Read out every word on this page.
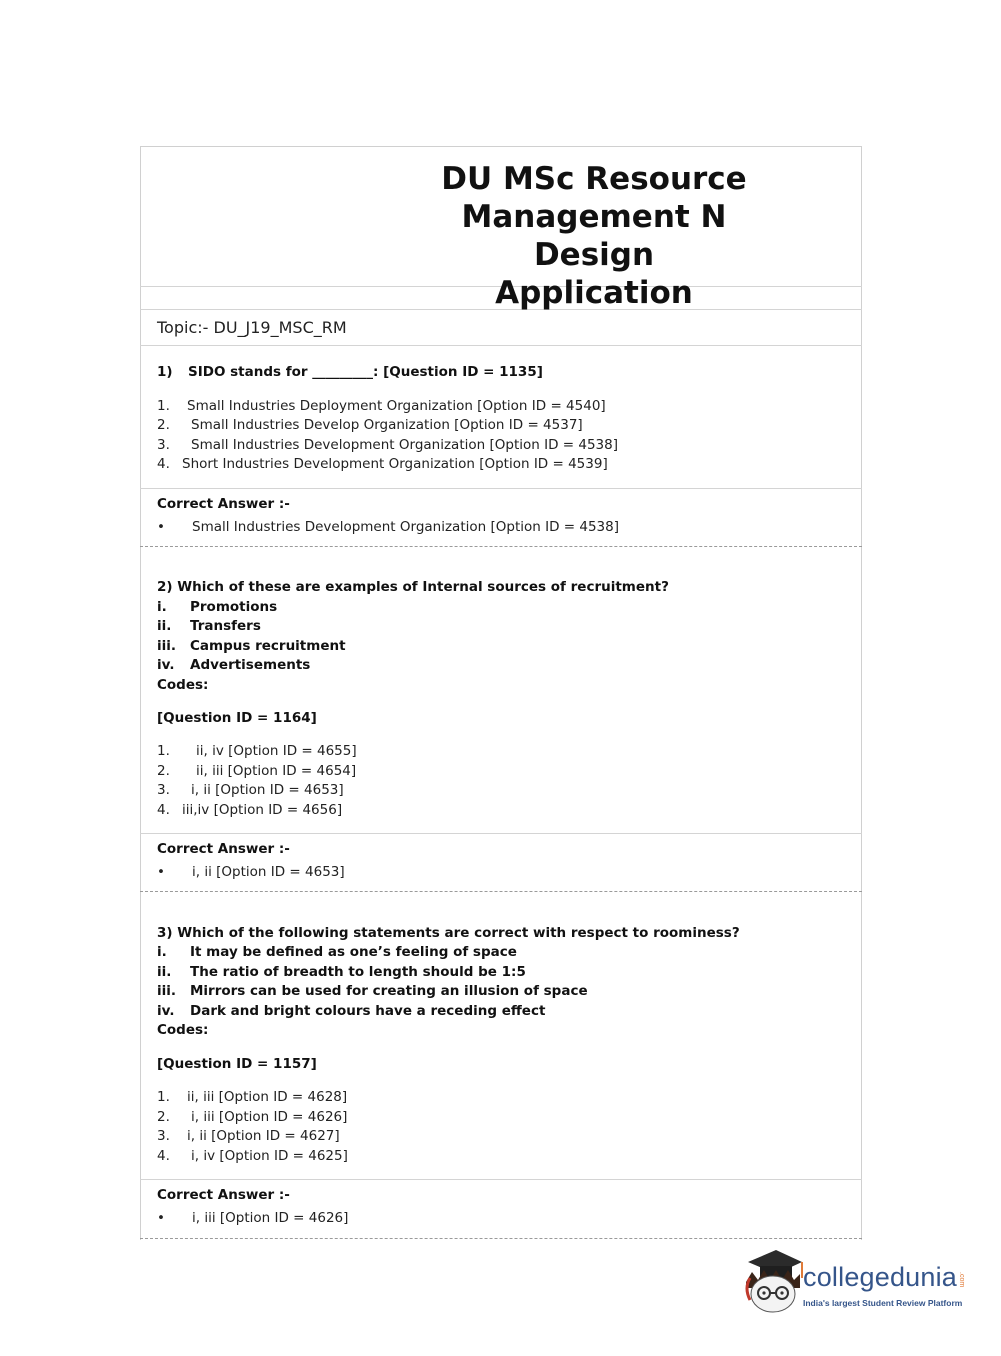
DU MSc Resource
Management N Design
Application
Topic:- DU_J19_MSC_RM
1) SIDO stands for _________: [Question ID = 1135]
1. Small Industries Deployment Organization [Option ID = 4540]
2. Small Industries Develop Organization [Option ID = 4537]
3. Small Industries Development Organization [Option ID = 4538]
4. Short Industries Development Organization [Option ID = 4539]
Correct Answer :-
• Small Industries Development Organization [Option ID = 4538]
2) Which of these are examples of Internal sources of recruitment?
i. Promotions
ii. Transfers
iii. Campus recruitment
iv. Advertisements
Codes:
[Question ID = 1164]
1. ii, iv [Option ID = 4655]
2. ii, iii [Option ID = 4654]
3. i, ii [Option ID = 4653]
4. iii,iv [Option ID = 4656]
Correct Answer :-
• i, ii [Option ID = 4653]
3) Which of the following statements are correct with respect to roominess?
i. It may be defined as one’s feeling of space
ii. The ratio of breadth to length should be 1:5
iii. Mirrors can be used for creating an illusion of space
iv. Dark and bright colours have a receding effect
Codes:
[Question ID = 1157]
1. ii, iii [Option ID = 4628]
2. i, iii [Option ID = 4626]
3. i, ii [Option ID = 4627]
4. i, iv [Option ID = 4625]
Correct Answer :-
• i, iii [Option ID = 4626]
collegedunia .com
India's largest Student Review Platform
